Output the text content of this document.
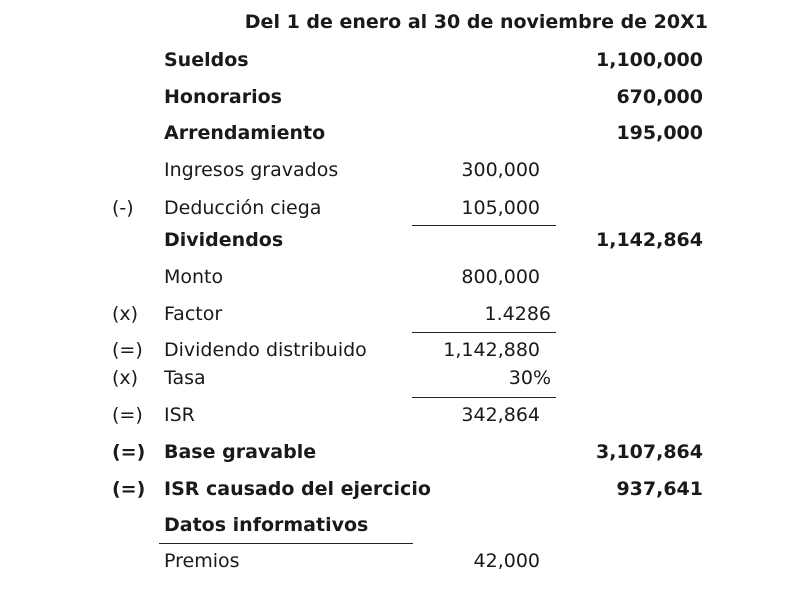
Del 1 de enero al 30 de noviembre de 20X1
Sueldos	1,100,000
Honorarios	670,000
Arrendamiento	195,000
Ingresos gravados	300,000
(-)	Deducción ciega	105,000
Dividendos	1,142,864
Monto	800,000
(x)	Factor	1.4286
(=)	Dividendo distribuido	1,142,880
(x)	Tasa	30%
(=)	ISR	342,864
(=) Base gravable	3,107,864
(=) ISR causado del ejercicio	937,641
Datos informativos
Premios	42,000
